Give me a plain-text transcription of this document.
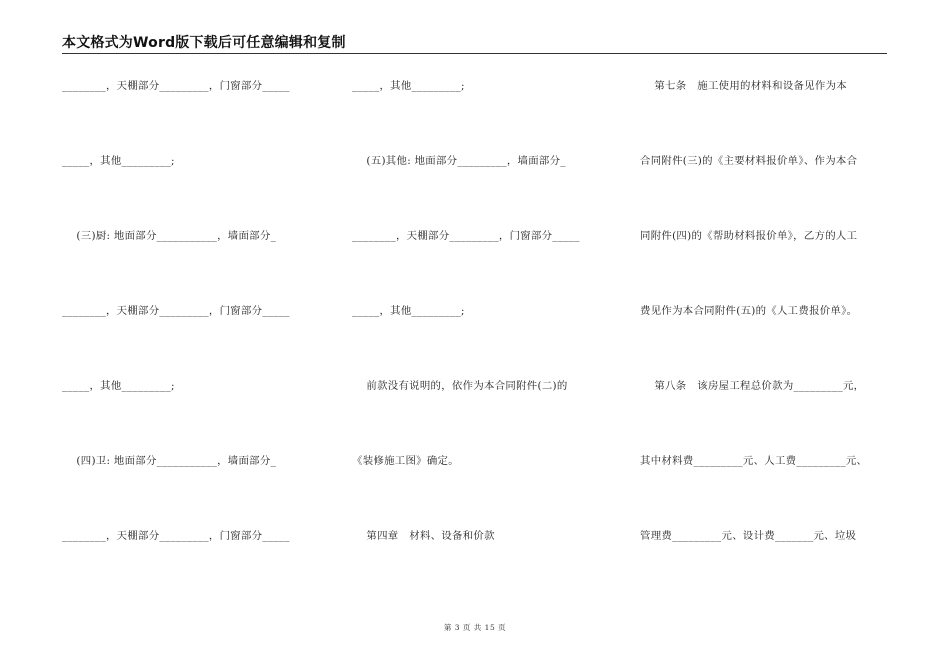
本文格式为Word版下载后可任意编辑和复制
________，天棚部分_________，门窗部分_____
_____，其他_________;
(三)厨: 地面部分___________，墙面部分_
________，天棚部分_________，门窗部分_____
_____，其他_________;
(四)卫: 地面部分___________，墙面部分_
________，天棚部分_________，门窗部分_____
_____，其他_________;
(五)其他: 地面部分_________，墙面部分_
________，天棚部分_________，门窗部分_____
_____，其他_________;
前款没有说明的，依作为本合同附件(二)的
《装修施工图》确定。
第四章   材料、设备和价款
第七条   施工使用的材料和设备见作为本
合同附件(三)的《主要材料报价单》、作为本合
同附件(四)的《帮助材料报价单》，乙方的人工
费见作为本合同附件(五)的《人工费报价单》。
第八条   该房屋工程总价款为_________元，
其中材料费_________元、人工费_________元、
管理费_________元、设计费_______元、垃圾
第 3 页 共 15 页
